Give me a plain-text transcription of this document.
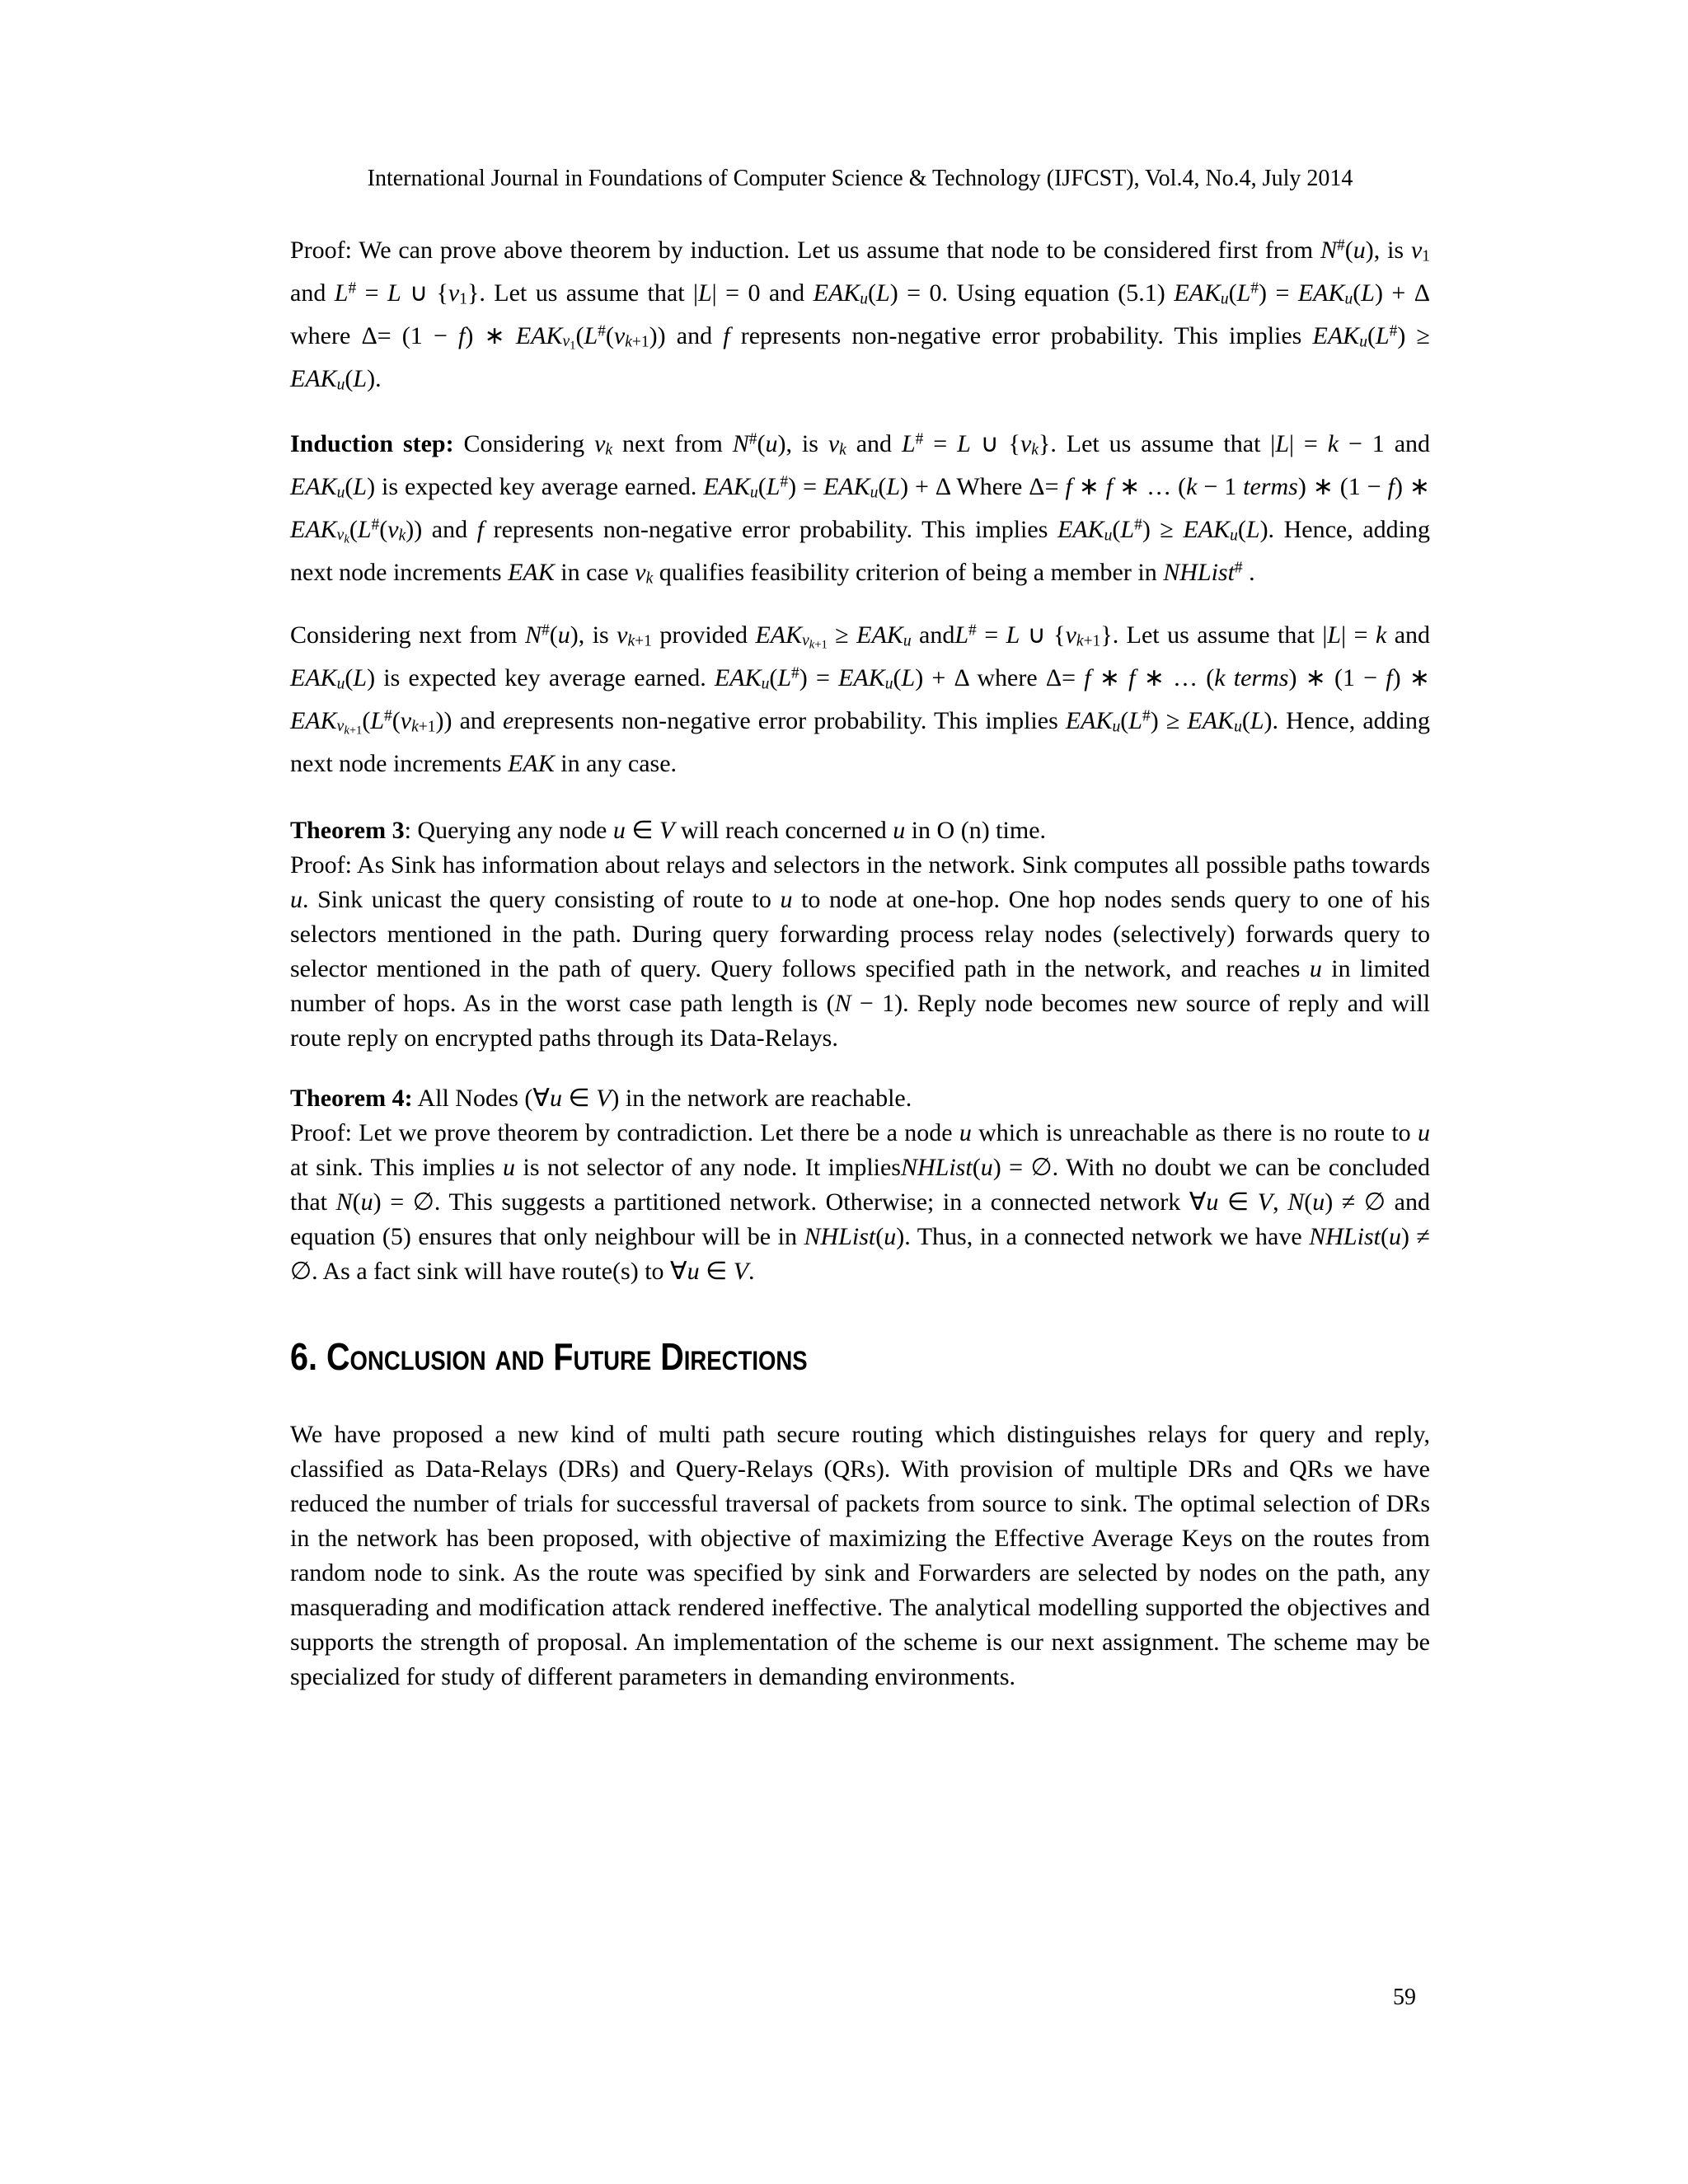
International Journal in Foundations of Computer Science & Technology (IJFCST), Vol.4, No.4, July 2014

Proof: We can prove above theorem by induction. Let us assume that node to be considered first from N#(u), is $v_1$ and L# = L ∪ $\{v_1\}$. Let us assume that |L| = 0 and $EAK_u(L) = 0$. Using equation (5.1) $EAK_u(L^{\#}) = EAK_u(L) + \Delta$ where Δ= (1 − f) ∗ $EAK_{v_1}(L^{\#}(v_{k+1}))$ and f represents non-negative error probability. This implies $EAK_u(L^{\#}) \ge EAK_u(L)$.

Induction step: Considering $v_k$ next from N#(u), is $v_k$ and L# = L ∪ $\{v_k\}$. Let us assume that |L| = k − 1 and $EAK_u(L)$ is expected key average earned. $EAK_u(L^{\#}) = EAK_u(L) + \Delta$ Where Δ= f ∗ f ∗ … (k − 1 terms) ∗ (1 − f) ∗ $EAK_{v_k}(L^{\#}(v_k))$ and f represents non-negative error probability. This implies $EAK_u(L^{\#}) \ge EAK_u(L)$. Hence, adding next node increments EAK in case $v_k$ qualifies feasibility criterion of being a member in NHList# .

Considering next from N#(u), is $v_{k+1}$ provided $EAK_{v_{k+1}} \ge EAK_u$ andL# = L ∪ $\{v_{k+1}\}$. Let us assume that |L| = k and $EAK_u(L)$ is expected key average earned. $EAK_u(L^{\#}) = EAK_u(L) + \Delta$ where Δ= f ∗ f ∗ … (k terms) ∗ (1 − f) ∗ $EAK_{v_{k+1}}(L^{\#}(v_{k+1}))$ and erepresents non-negative error probability. This implies $EAK_u(L^{\#}) \ge EAK_u(L)$. Hence, adding next node increments EAK in any case.

Theorem 3: Querying any node u ∈ V will reach concerned u in O (n) time.
Proof: As Sink has information about relays and selectors in the network. Sink computes all possible paths towards u. Sink unicast the query consisting of route to u to node at one-hop. One hop nodes sends query to one of his selectors mentioned in the path. During query forwarding process relay nodes (selectively) forwards query to selector mentioned in the path of query. Query follows specified path in the network, and reaches u in limited number of hops. As in the worst case path length is (N − 1). Reply node becomes new source of reply and will route reply on encrypted paths through its Data-Relays.

Theorem 4: All Nodes (∀u ∈ V) in the network are reachable.
Proof: Let we prove theorem by contradiction. Let there be a node u which is unreachable as there is no route to u at sink. This implies u is not selector of any node. It impliesNHList(u) = ∅. With no doubt we can be concluded that N(u) = ∅. This suggests a partitioned network. Otherwise; in a connected network ∀u ∈ V, N(u) ≠ ∅ and equation (5) ensures that only neighbour will be in NHList(u). Thus, in a connected network we have NHList(u) ≠ ∅. As a fact sink will have route(s) to ∀u ∈ V.

6. Conclusion and Future Directions

We have proposed a new kind of multi path secure routing which distinguishes relays for query and reply, classified as Data-Relays (DRs) and Query-Relays (QRs). With provision of multiple DRs and QRs we have reduced the number of trials for successful traversal of packets from source to sink. The optimal selection of DRs in the network has been proposed, with objective of maximizing the Effective Average Keys on the routes from random node to sink. As the route was specified by sink and Forwarders are selected by nodes on the path, any masquerading and modification attack rendered ineffective. The analytical modelling supported the objectives and supports the strength of proposal. An implementation of the scheme is our next assignment. The scheme may be specialized for study of different parameters in demanding environments.

59
